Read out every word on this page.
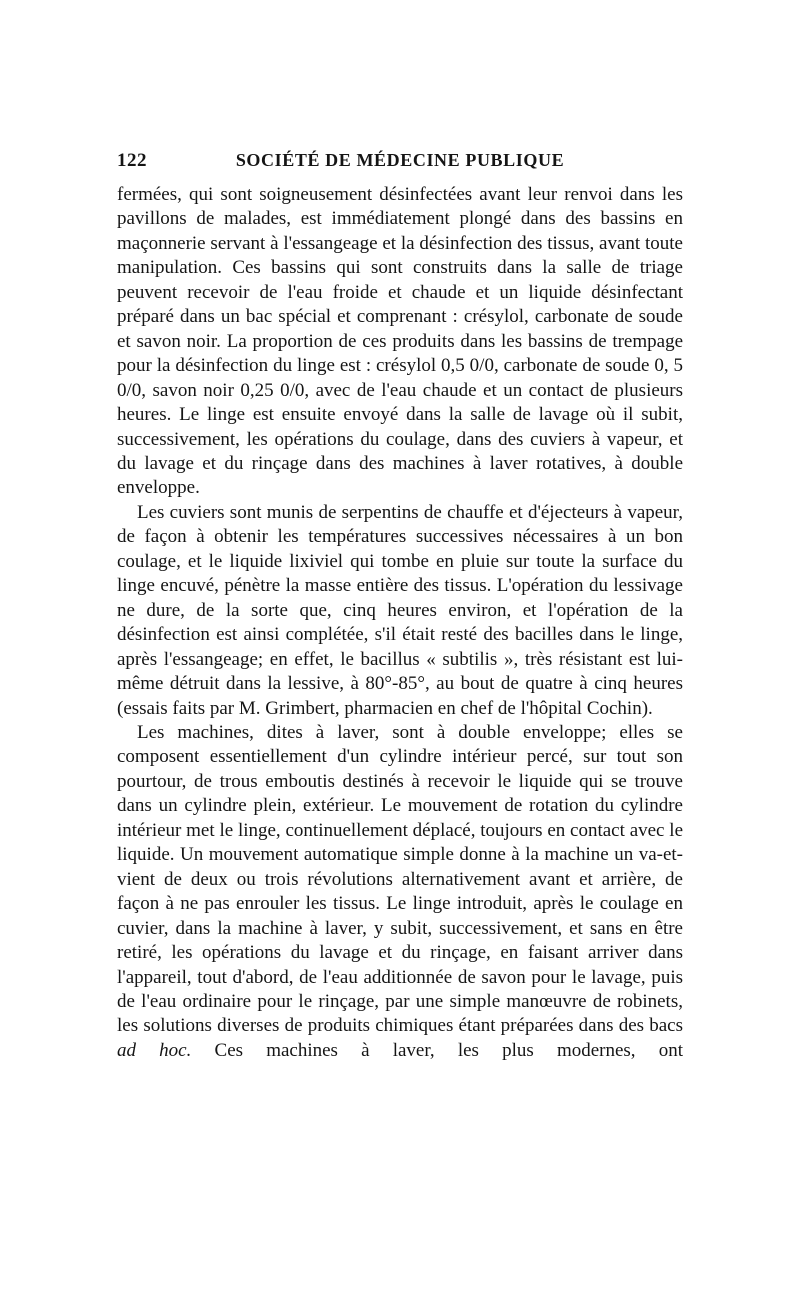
122	SOCIÉTÉ DE MÉDECINE PUBLIQUE

fermées, qui sont soigneusement désinfectées avant leur renvoi dans les pavillons de malades, est immédiatement plongé dans des bassins en maçonnerie servant à l'essangeage et la désinfection des tissus, avant toute manipulation. Ces bassins qui sont construits dans la salle de triage peuvent recevoir de l'eau froide et chaude et un liquide désinfectant préparé dans un bac spécial et comprenant : crésylol, carbonate de soude et savon noir. La proportion de ces produits dans les bassins de trempage pour la désinfection du linge est : crésylol 0,5 0/0, carbonate de soude 0, 5 0/0, savon noir 0,25 0/0, avec de l'eau chaude et un contact de plusieurs heures. Le linge est ensuite envoyé dans la salle de lavage où il subit, successivement, les opérations du coulage, dans des cuviers à vapeur, et du lavage et du rinçage dans des machines à laver rotatives, à double enveloppe.

Les cuviers sont munis de serpentins de chauffe et d'éjecteurs à vapeur, de façon à obtenir les températures successives nécessaires à un bon coulage, et le liquide lixiviel qui tombe en pluie sur toute la surface du linge encuvé, pénètre la masse entière des tissus. L'opération du lessivage ne dure, de la sorte que, cinq heures environ, et l'opération de la désinfection est ainsi complétée, s'il était resté des bacilles dans le linge, après l'essangeage; en effet, le bacillus « subtilis », très résistant est lui-même détruit dans la lessive, à 80°-85°, au bout de quatre à cinq heures (essais faits par M. Grimbert, pharmacien en chef de l'hôpital Cochin).

Les machines, dites à laver, sont à double enveloppe; elles se composent essentiellement d'un cylindre intérieur percé, sur tout son pourtour, de trous emboutis destinés à recevoir le liquide qui se trouve dans un cylindre plein, extérieur. Le mouvement de rotation du cylindre intérieur met le linge, continuellement déplacé, toujours en contact avec le liquide. Un mouvement automatique simple donne à la machine un va-et-vient de deux ou trois révolutions alternativement avant et arrière, de façon à ne pas enrouler les tissus. Le linge introduit, après le coulage en cuvier, dans la machine à laver, y subit, successivement, et sans en être retiré, les opérations du lavage et du rinçage, en faisant arriver dans l'appareil, tout d'abord, de l'eau additionnée de savon pour le lavage, puis de l'eau ordinaire pour le rinçage, par une simple manœuvre de robinets, les solutions diverses de produits chimiques étant préparées dans des bacs ad hoc. Ces machines à laver, les plus modernes, ont
